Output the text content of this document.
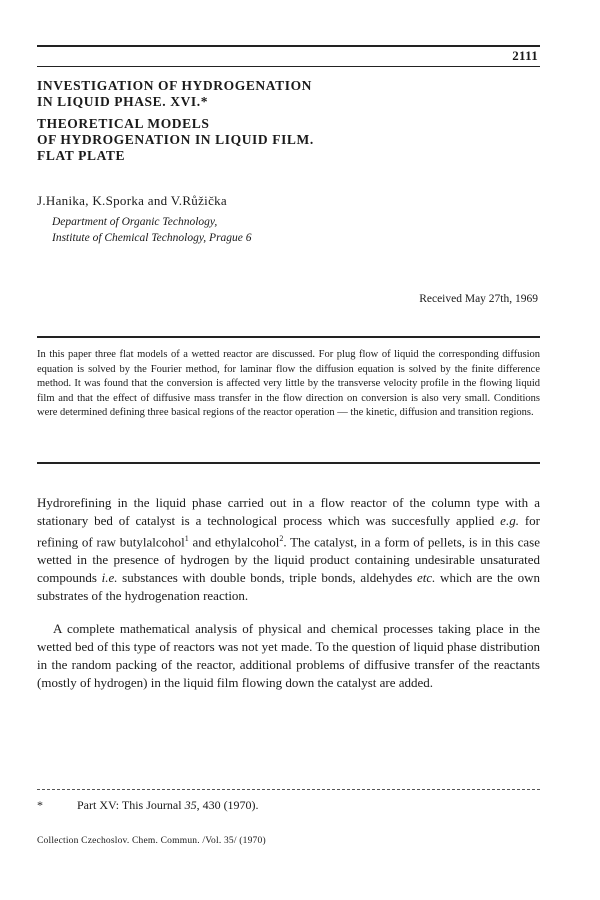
2111
INVESTIGATION OF HYDROGENATION
IN LIQUID PHASE. XVI.*
THEORETICAL MODELS
OF HYDROGENATION IN LIQUID FILM.
FLAT PLATE
J.Hanika, K.Sporka and V.Růžička
Department of Organic Technology,
Institute of Chemical Technology, Prague 6
Received May 27th, 1969

In this paper three flat models of a wetted reactor are discussed. For plug flow of liquid the corresponding diffusion equation is solved by the Fourier method, for laminar flow the diffusion equation is solved by the finite difference method. It was found that the conversion is affected very little by the transverse velocity profile in the flowing liquid film and that the effect of diffusive mass transfer in the flow direction on conversion is also very small. Conditions were determined defining three basical regions of the reactor operation — the kinetic, diffusion and transition regions.

Hydrorefining in the liquid phase carried out in a flow reactor of the column type with a stationary bed of catalyst is a technological process which was succesfully applied e.g. for refining of raw butylalcohol$^1$ and ethylalcohol$^2$. The catalyst, in a form of pellets, is in this case wetted in the presence of hydrogen by the liquid product containing undesirable unsaturated compounds i.e. substances with double bonds, triple bonds, aldehydes etc. which are the own substrates of the hydrogenation reaction.

A complete mathematical analysis of physical and chemical processes taking place in the wetted bed of this type of reactors was not yet made. To the question of liquid phase distribution in the random packing of the reactor, additional problems of diffusive transfer of the reactants (mostly of hydrogen) in the liquid film flowing down the catalyst are added.

*	Part XV: This Journal 35, 430 (1970).
Collection Czechoslov. Chem. Commun. /Vol. 35/ (1970)
